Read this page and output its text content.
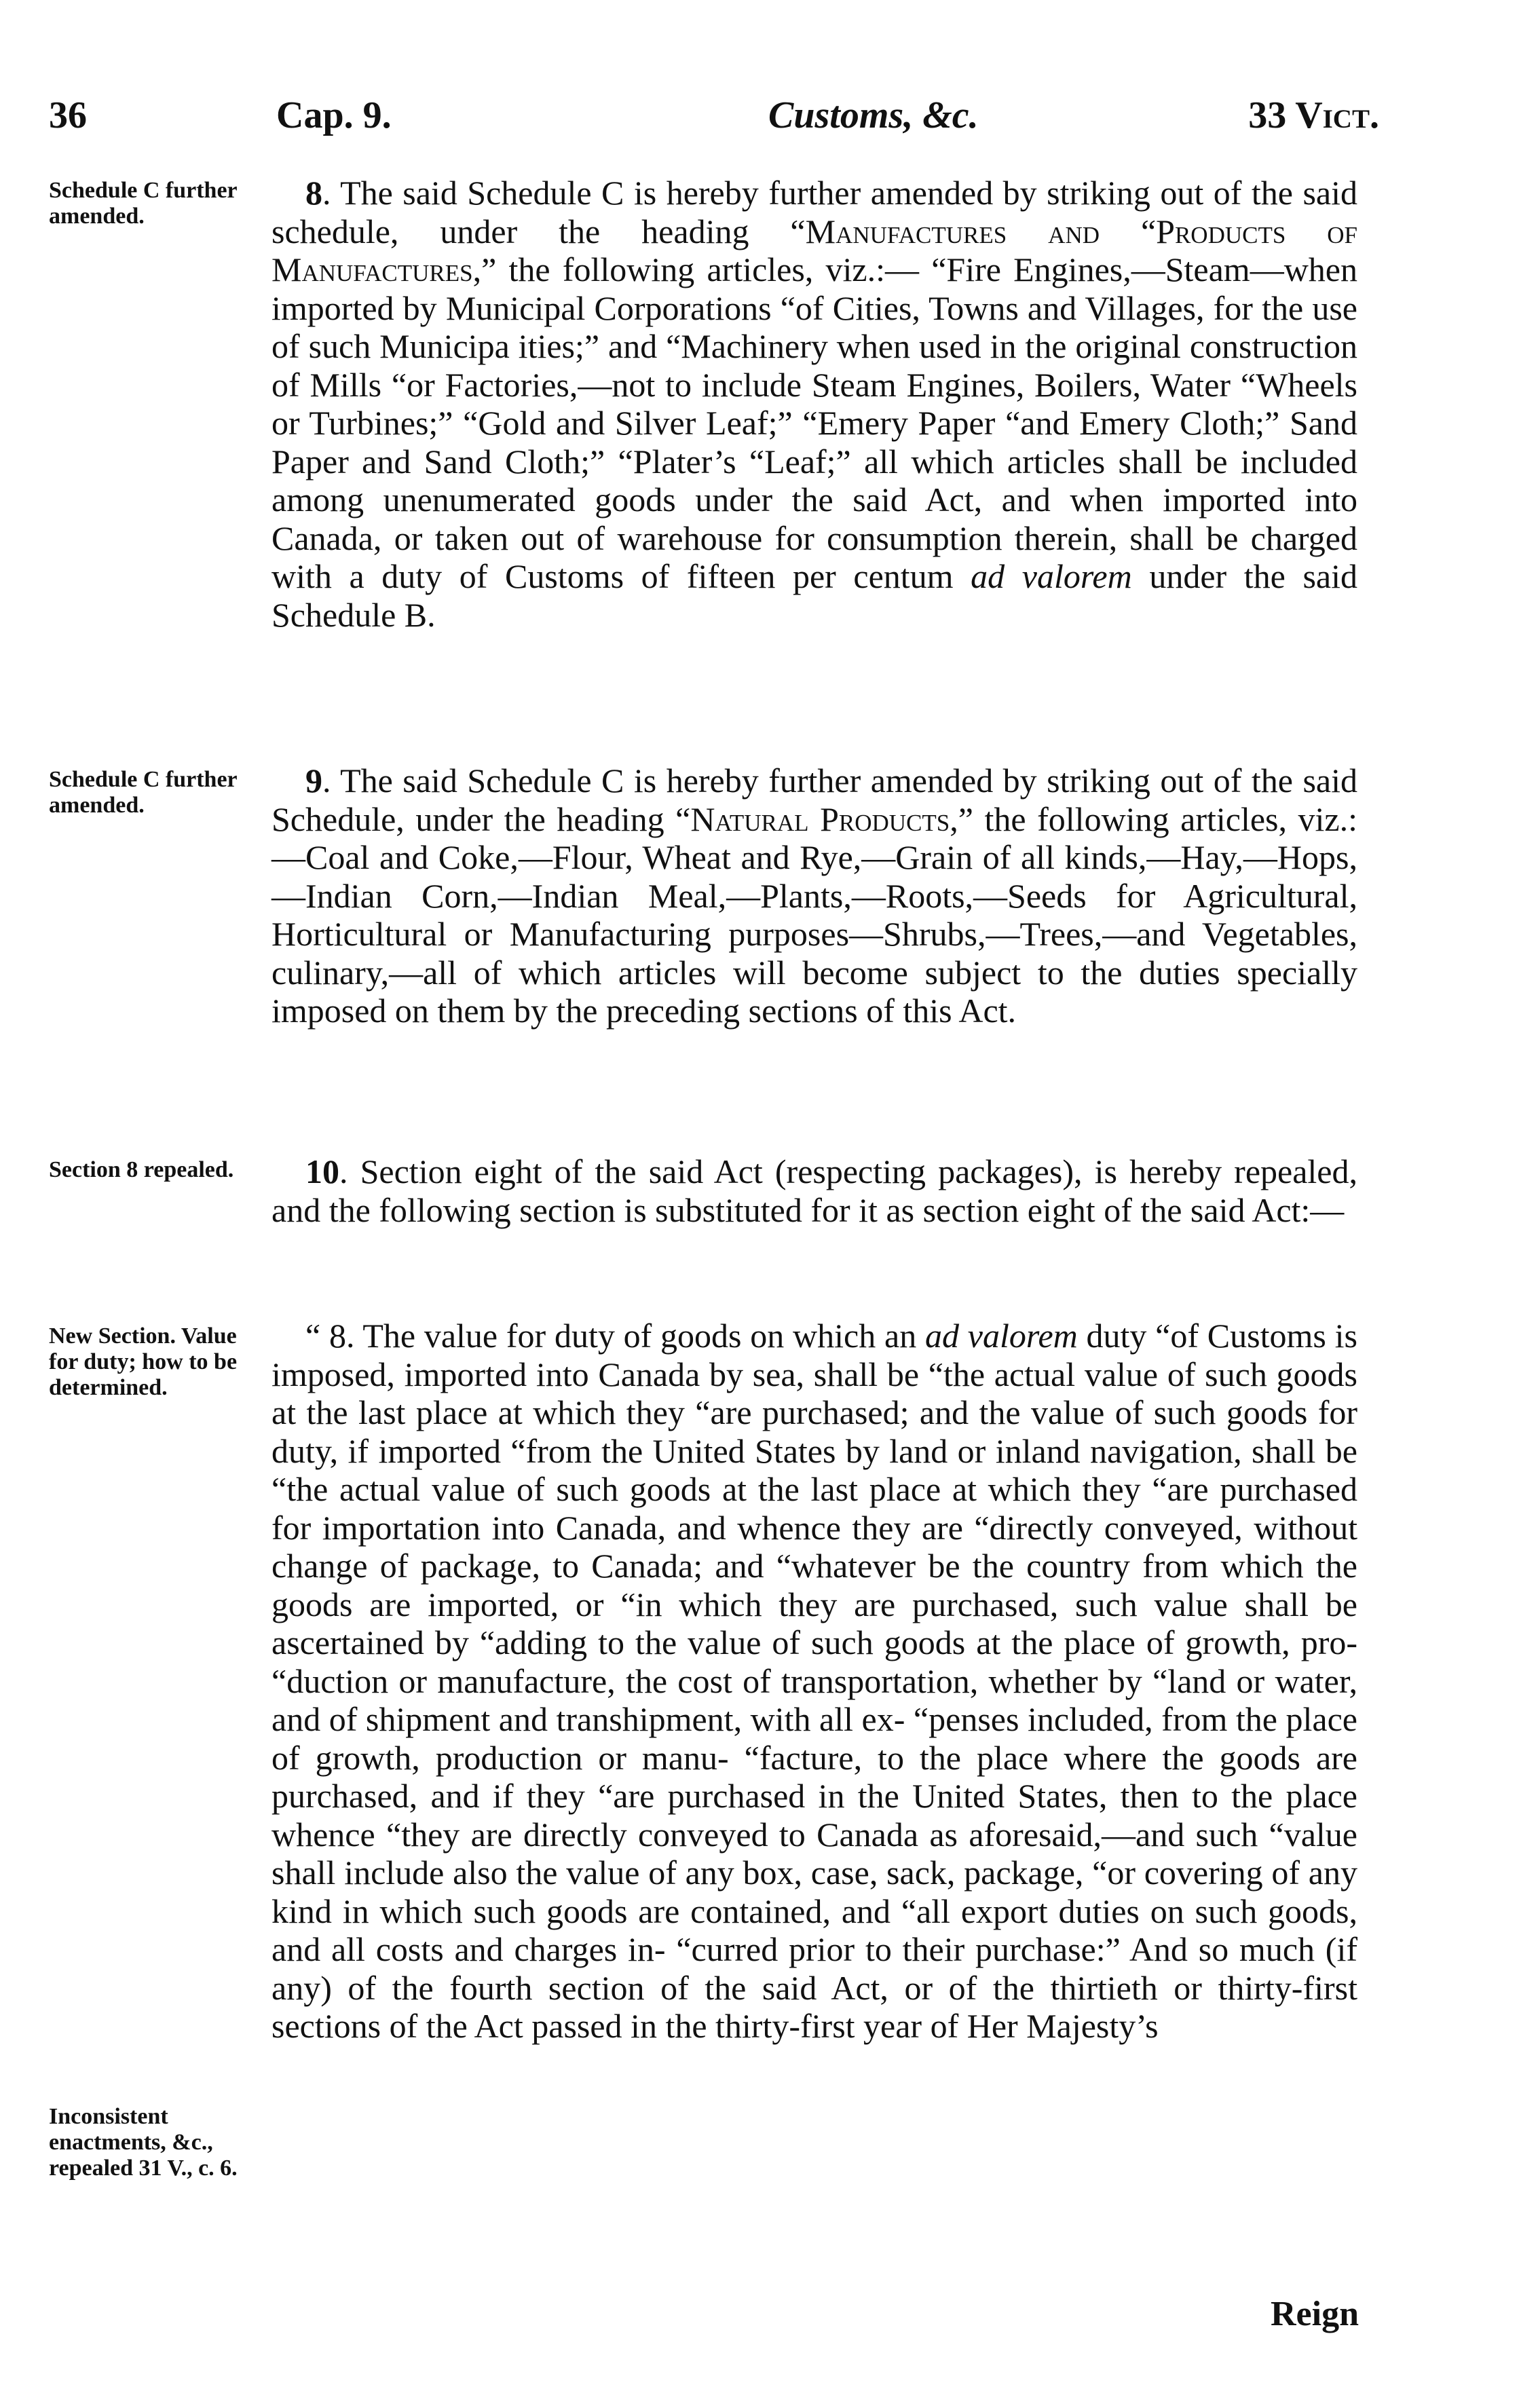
36	Cap. 9.	Customs, &c.	33 Vict.
Schedule C further amended.
Schedule C further amended.
Section 8 repealed.
New Section. Value for duty; how to be determined.
Inconsistent enactments, &c., repealed 31 V., c. 6.
8. The said Schedule C is hereby further amended by striking out of the said schedule, under the heading “Manufactures and “Products of Manufactures,” the following articles, viz.:— “Fire Engines,—Steam—when imported by Municipal Corporations “of Cities, Towns and Villages, for the use of such Municipa ities;” and “Machinery when used in the original construction of Mills “or Factories,—not to include Steam Engines, Boilers, Water “Wheels or Turbines;” “Gold and Silver Leaf;” “Emery Paper “and Emery Cloth;” Sand Paper and Sand Cloth;” “Plater’s “Leaf;” all which articles shall be included among unenumerated goods under the said Act, and when imported into Canada, or taken out of warehouse for consumption therein, shall be charged with a duty of Customs of fifteen per centum ad valorem under the said Schedule B.
9. The said Schedule C is hereby further amended by striking out of the said Schedule, under the heading “Natural Products,” the following articles, viz.:—Coal and Coke,—Flour, Wheat and Rye,—Grain of all kinds,—Hay,—Hops,—Indian Corn,—Indian Meal,—Plants,—Roots,—Seeds for Agricultural, Horticultural or Manufacturing purposes—Shrubs,—Trees,—and Vegetables, culinary,—all of which articles will become subject to the duties specially imposed on them by the preceding sections of this Act.
10. Section eight of the said Act (respecting packages), is hereby repealed, and the following section is substituted for it as section eight of the said Act:—
“ 8. The value for duty of goods on which an ad valorem duty “of Customs is imposed, imported into Canada by sea, shall be “the actual value of such goods at the last place at which they “are purchased; and the value of such goods for duty, if imported “from the United States by land or inland navigation, shall be “the actual value of such goods at the last place at which they “are purchased for importation into Canada, and whence they are “directly conveyed, without change of package, to Canada; and “whatever be the country from which the goods are imported, or “in which they are purchased, such value shall be ascertained by “adding to the value of such goods at the place of growth, pro- “duction or manufacture, the cost of transportation, whether by “land or water, and of shipment and transhipment, with all ex- “penses included, from the place of growth, production or manu- “facture, to the place where the goods are purchased, and if they “are purchased in the United States, then to the place whence “they are directly conveyed to Canada as aforesaid,—and such “value shall include also the value of any box, case, sack, package, “or covering of any kind in which such goods are contained, and “all export duties on such goods, and all costs and charges in- “curred prior to their purchase:” And so much (if any) of the fourth section of the said Act, or of the thirtieth or thirty-first sections of the Act passed in the thirty-first year of Her Majesty’s
Reign
